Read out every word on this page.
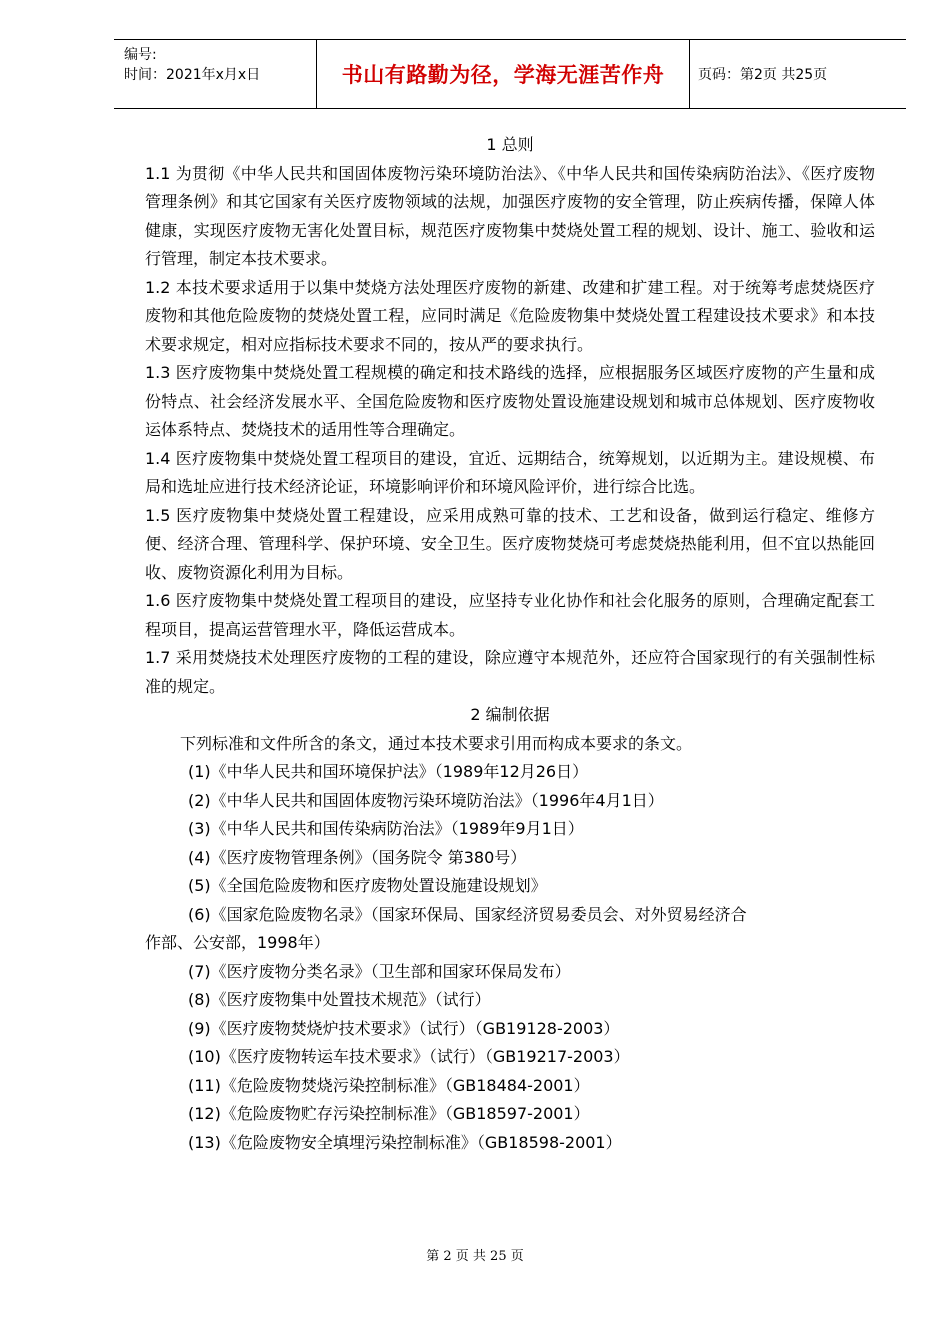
编号:
时间：2021年x月x日	书山有路勤为径，学海无涯苦作舟	页码：第2页 共25页
1 总则
1.1 为贯彻《中华人民共和国固体废物污染环境防治法》、《中华人民共和国传染病防治法》、《医疗废物管理条例》和其它国家有关医疗废物领域的法规，加强医疗废物的安全管理，防止疾病传播，保障人体健康，实现医疗废物无害化处置目标，规范医疗废物集中焚烧处置工程的规划、设计、施工、验收和运行管理，制定本技术要求。
1.2 本技术要求适用于以集中焚烧方法处理医疗废物的新建、改建和扩建工程。对于统筹考虑焚烧医疗废物和其他危险废物的焚烧处置工程，应同时满足《危险废物集中焚烧处置工程建设技术要求》和本技术要求规定，相对应指标技术要求不同的，按从严的要求执行。
1.3 医疗废物集中焚烧处置工程规模的确定和技术路线的选择，应根据服务区域医疗废物的产生量和成份特点、社会经济发展水平、全国危险废物和医疗废物处置设施建设规划和城市总体规划、医疗废物收运体系特点、焚烧技术的适用性等合理确定。
1.4 医疗废物集中焚烧处置工程项目的建设，宜近、远期结合，统筹规划，以近期为主。建设规模、布局和选址应进行技术经济论证，环境影响评价和环境风险评价，进行综合比选。
1.5 医疗废物集中焚烧处置工程建设，应采用成熟可靠的技术、工艺和设备，做到运行稳定、维修方便、经济合理、管理科学、保护环境、安全卫生。医疗废物焚烧可考虑焚烧热能利用，但不宜以热能回收、废物资源化利用为目标。
1.6 医疗废物集中焚烧处置工程项目的建设，应坚持专业化协作和社会化服务的原则，合理确定配套工程项目，提高运营管理水平，降低运营成本。
1.7 采用焚烧技术处理医疗废物的工程的建设，除应遵守本规范外，还应符合国家现行的有关强制性标准的规定。
2 编制依据
下列标准和文件所含的条文，通过本技术要求引用而构成本要求的条文。
(1)《中华人民共和国环境保护法》（1989年12月26日）
(2)《中华人民共和国固体废物污染环境防治法》（1996年4月1日）
(3)《中华人民共和国传染病防治法》（1989年9月1日）
(4)《医疗废物管理条例》（国务院令 第380号）
(5)《全国危险废物和医疗废物处置设施建设规划》
(6)《国家危险废物名录》（国家环保局、国家经济贸易委员会、对外贸易经济合
作部、公安部，1998年）
(7)《医疗废物分类名录》（卫生部和国家环保局发布）
(8)《医疗废物集中处置技术规范》（试行）
(9)《医疗废物焚烧炉技术要求》（试行）（GB19128-2003）
(10)《医疗废物转运车技术要求》（试行）（GB19217-2003）
(11)《危险废物焚烧污染控制标准》（GB18484-2001）
(12)《危险废物贮存污染控制标准》（GB18597-2001）
(13)《危险废物安全填埋污染控制标准》（GB18598-2001）
第 2 页 共 25 页
